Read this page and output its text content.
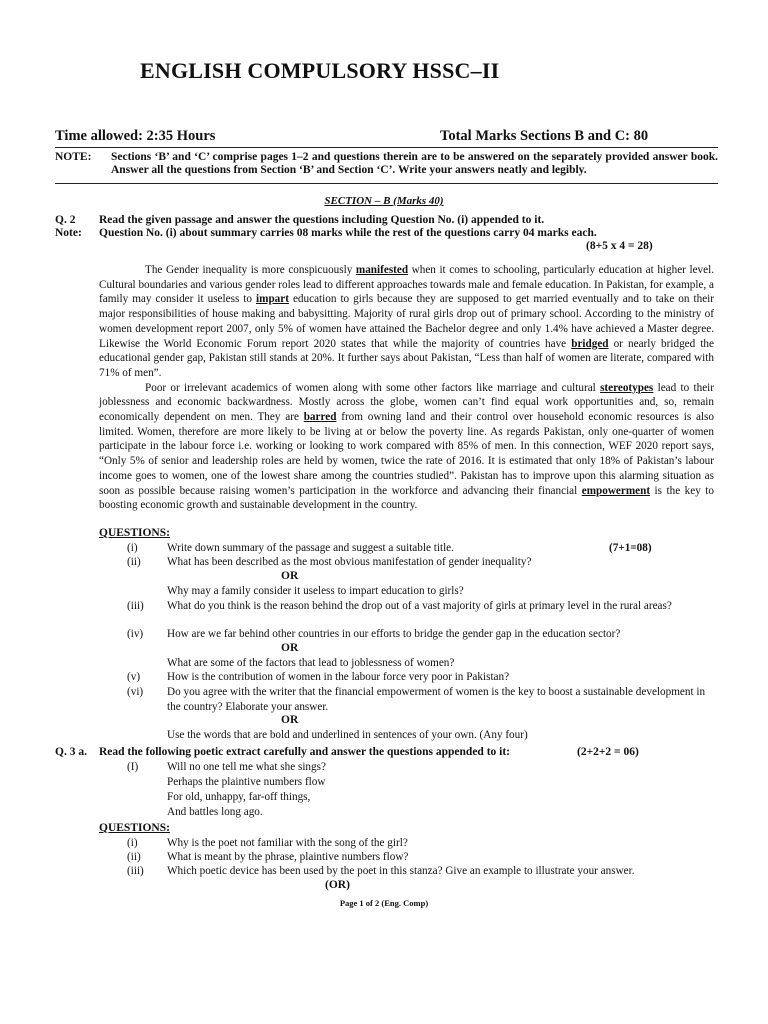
ENGLISH COMPULSORY HSSC–II
Time allowed: 2:35 Hours	Total Marks Sections B and C: 80
NOTE: Sections ‘B’ and ‘C’ comprise pages 1–2 and questions therein are to be answered on the separately provided answer book. Answer all the questions from Section ‘B’ and Section ‘C’. Write your answers neatly and legibly.
SECTION – B (Marks 40)
Q. 2 Read the given passage and answer the questions including Question No. (i) appended to it.
Note: Question No. (i) about summary carries 08 marks while the rest of the questions carry 04 marks each.
(8+5 x 4 = 28)

The Gender inequality is more conspicuously manifested when it comes to schooling, particularly education at higher level. Cultural boundaries and various gender roles lead to different approaches towards male and female education. In Pakistan, for example, a family may consider it useless to impart education to girls because they are supposed to get married eventually and to take on their major responsibilities of house making and babysitting. Majority of rural girls drop out of primary school. According to the ministry of women development report 2007, only 5% of women have attained the Bachelor degree and only 1.4% have achieved a Master degree. Likewise the World Economic Forum report 2020 states that while the majority of countries have bridged or nearly bridged the educational gender gap, Pakistan still stands at 20%. It further says about Pakistan, “Less than half of women are literate, compared with 71% of men”.

Poor or irrelevant academics of women along with some other factors like marriage and cultural stereotypes lead to their joblessness and economic backwardness. Mostly across the globe, women can’t find equal work opportunities and, so, remain economically dependent on men. They are barred from owning land and their control over household economic resources is also limited. Women, therefore are more likely to be living at or below the poverty line. As regards Pakistan, only one-quarter of women participate in the labour force i.e. working or looking to work compared with 85% of men. In this connection, WEF 2020 report says, “Only 5% of senior and leadership roles are held by women, twice the rate of 2016. It is estimated that only 18% of Pakistan’s labour income goes to women, one of the lowest share among the countries studied”. Pakistan has to improve upon this alarming situation as soon as possible because raising women’s participation in the workforce and advancing their financial empowerment is the key to boosting economic growth and sustainable development in the country.

QUESTIONS:
(i)	Write down summary of the passage and suggest a suitable title.	(7+1=08)
(ii) What has been described as the most obvious manifestation of gender inequality?
OR
Why may a family consider it useless to impart education to girls?
(iii) What do you think is the reason behind the drop out of a vast majority of girls at primary level in the rural areas?
(iv) How are we far behind other countries in our efforts to bridge the gender gap in the education sector?
OR
What are some of the factors that lead to joblessness of women?
(v) How is the contribution of women in the labour force very poor in Pakistan?
(vi) Do you agree with the writer that the financial empowerment of women is the key to boost a sustainable development in the country? Elaborate your answer.
OR
Use the words that are bold and underlined in sentences of your own. (Any four)
Q. 3 a. Read the following poetic extract carefully and answer the questions appended to it:	(2+2+2 = 06)
(I)	Will no one tell me what she sings?
Perhaps the plaintive numbers flow
For old, unhappy, far-off things,
And battles long ago.
QUESTIONS:
(i)	Why is the poet not familiar with the song of the girl?
(ii) What is meant by the phrase, plaintive numbers flow?
(iii) Which poetic device has been used by the poet in this stanza? Give an example to illustrate your answer.
(OR)
Page 1 of 2 (Eng. Comp)
